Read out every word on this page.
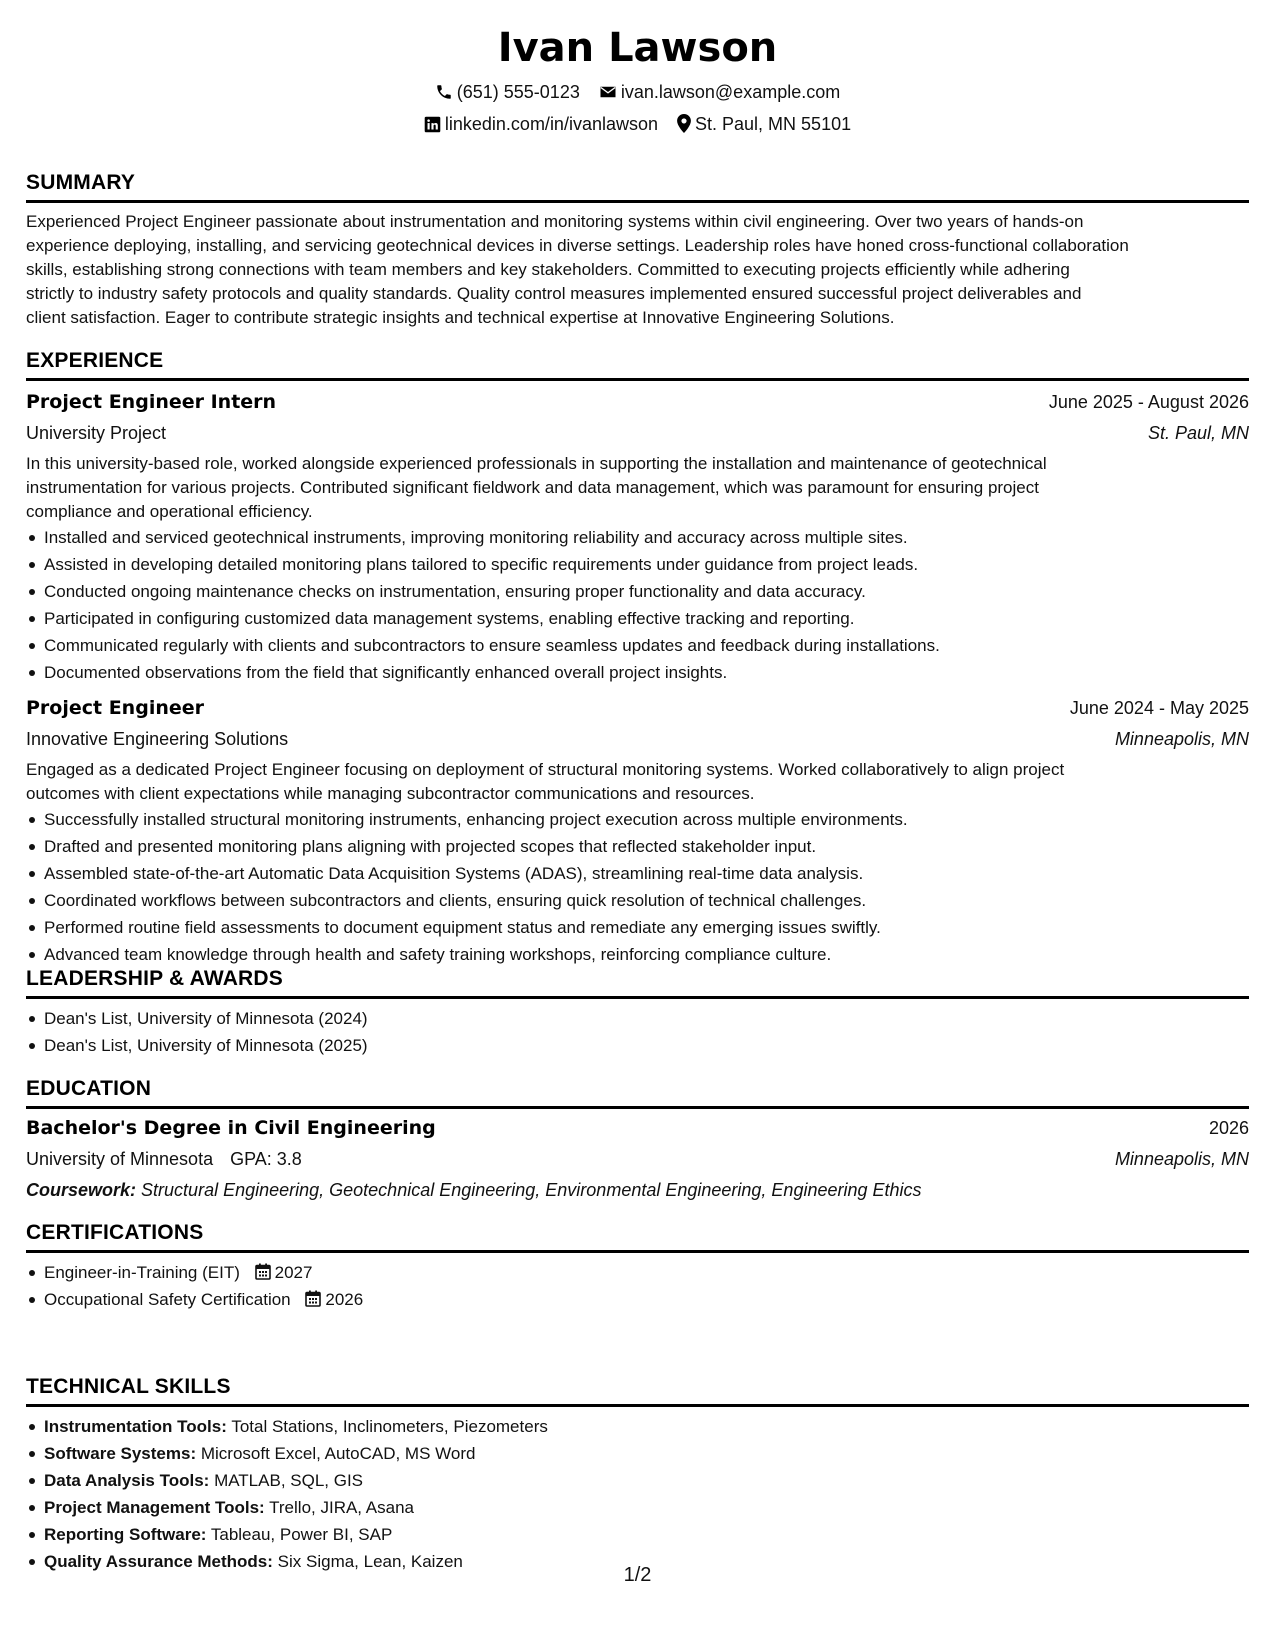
Ivan Lawson
(651) 555-0123 ivan.lawson@example.com
linkedin.com/in/ivanlawson St. Paul, MN 55101
SUMMARY
Experienced Project Engineer passionate about instrumentation and monitoring systems within civil engineering. Over two years of hands-on
experience deploying, installing, and servicing geotechnical devices in diverse settings. Leadership roles have honed cross-functional collaboration
skills, establishing strong connections with team members and key stakeholders. Committed to executing projects efficiently while adhering
strictly to industry safety protocols and quality standards. Quality control measures implemented ensured successful project deliverables and
client satisfaction. Eager to contribute strategic insights and technical expertise at Innovative Engineering Solutions.
EXPERIENCE
Project Engineer Intern	June 2025 - August 2026
University Project	St. Paul, MN
In this university-based role, worked alongside experienced professionals in supporting the installation and maintenance of geotechnical
instrumentation for various projects. Contributed significant fieldwork and data management, which was paramount for ensuring project
compliance and operational efficiency.
Installed and serviced geotechnical instruments, improving monitoring reliability and accuracy across multiple sites.
Assisted in developing detailed monitoring plans tailored to specific requirements under guidance from project leads.
Conducted ongoing maintenance checks on instrumentation, ensuring proper functionality and data accuracy.
Participated in configuring customized data management systems, enabling effective tracking and reporting.
Communicated regularly with clients and subcontractors to ensure seamless updates and feedback during installations.
Documented observations from the field that significantly enhanced overall project insights.
Project Engineer	June 2024 - May 2025
Innovative Engineering Solutions	Minneapolis, MN
Engaged as a dedicated Project Engineer focusing on deployment of structural monitoring systems. Worked collaboratively to align project
outcomes with client expectations while managing subcontractor communications and resources.
Successfully installed structural monitoring instruments, enhancing project execution across multiple environments.
Drafted and presented monitoring plans aligning with projected scopes that reflected stakeholder input.
Assembled state-of-the-art Automatic Data Acquisition Systems (ADAS), streamlining real-time data analysis.
Coordinated workflows between subcontractors and clients, ensuring quick resolution of technical challenges.
Performed routine field assessments to document equipment status and remediate any emerging issues swiftly.
Advanced team knowledge through health and safety training workshops, reinforcing compliance culture.
LEADERSHIP & AWARDS
Dean's List, University of Minnesota (2024)
Dean's List, University of Minnesota (2025)
EDUCATION
Bachelor's Degree in Civil Engineering	2026
University of Minnesota GPA: 3.8	Minneapolis, MN
Coursework: Structural Engineering, Geotechnical Engineering, Environmental Engineering, Engineering Ethics
CERTIFICATIONS
Engineer-in-Training (EIT) 2027
Occupational Safety Certification 2026
TECHNICAL SKILLS
Instrumentation Tools: Total Stations, Inclinometers, Piezometers
Software Systems: Microsoft Excel, AutoCAD, MS Word
Data Analysis Tools: MATLAB, SQL, GIS
Project Management Tools: Trello, JIRA, Asana
Reporting Software: Tableau, Power BI, SAP
Quality Assurance Methods: Six Sigma, Lean, Kaizen
1/2
